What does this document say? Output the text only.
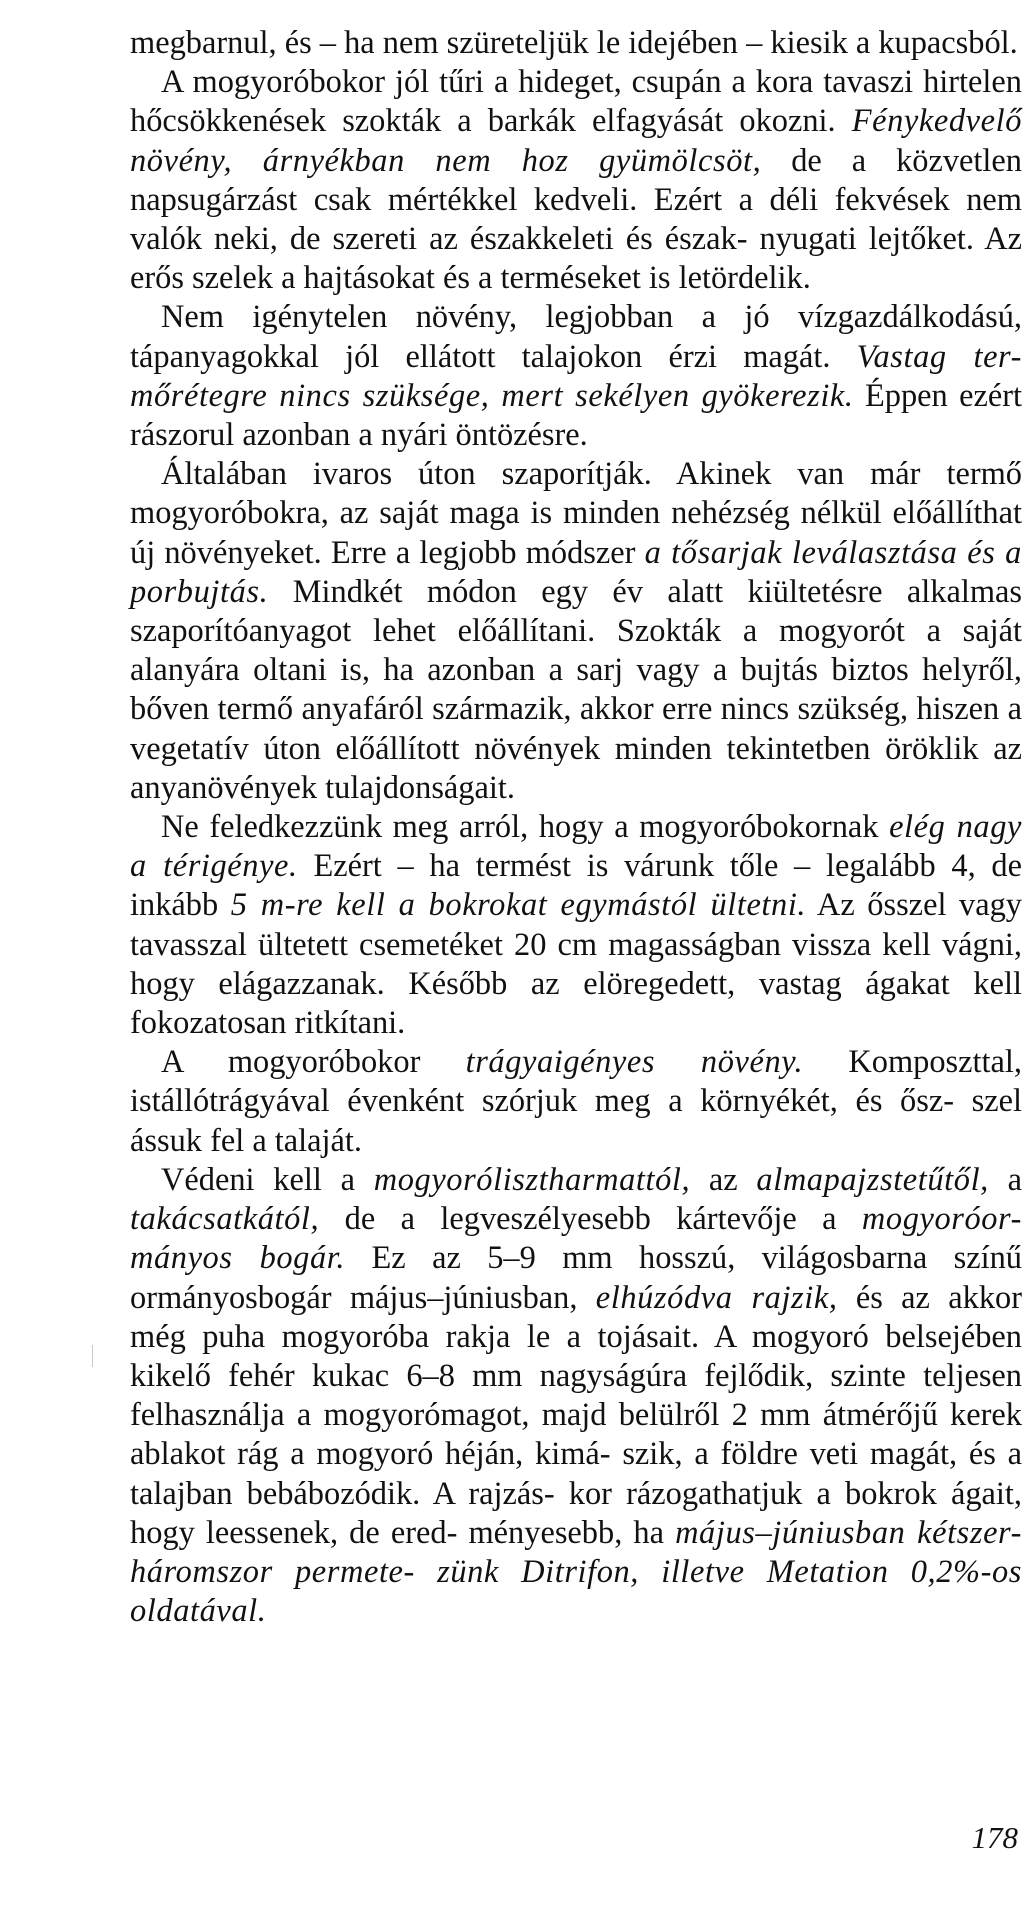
megbarnul, és – ha nem szüreteljük le idejében – kiesik a kupacsból.

A mogyoróbokor jól tűri a hideget, csupán a kora tavaszi hirtelen hőcsökkenések szokták a barkák elfagyását okozni. Fénykedvelő növény, árnyékban nem hoz gyümölcsöt, de a közvetlen napsugárzást csak mértékkel kedveli. Ezért a déli fekvések nem valók neki, de szereti az északkeleti és észak- nyugati lejtőket. Az erős szelek a hajtásokat és a terméseket is letördelik.

Nem igénytelen növény, legjobban a jó vízgazdálkodású, tápanyagokkal jól ellátott talajokon érzi magát. Vastag ter- mőrétegre nincs szüksége, mert sekélyen gyökerezik. Éppen ezért rászorul azonban a nyári öntözésre.

Általában ivaros úton szaporítják. Akinek van már termő mogyoróbokra, az saját maga is minden nehézség nélkül előállíthat új növényeket. Erre a legjobb módszer a tősarjak leválasztása és a porbujtás. Mindkét módon egy év alatt kiültetésre alkalmas szaporítóanyagot lehet előállítani. Szokták a mogyorót a saját alanyára oltani is, ha azonban a sarj vagy a bujtás biztos helyről, bőven termő anyafáról származik, akkor erre nincs szükség, hiszen a vegetatív úton előállított növények minden tekintetben öröklik az anyanövények tulajdonságait.

Ne feledkezzünk meg arról, hogy a mogyoróbokornak elég nagy a térigénye. Ezért – ha termést is várunk tőle – legalább 4, de inkább 5 m-re kell a bokrokat egymástól ültetni. Az ősszel vagy tavasszal ültetett csemetéket 20 cm magasságban vissza kell vágni, hogy elágazzanak. Később az elöregedett, vastag ágakat kell fokozatosan ritkítani.

A mogyoróbokor trágyaigényes növény. Komposzttal, istállótrágyával évenként szórjuk meg a környékét, és ősz- szel ássuk fel a talaját.

Védeni kell a mogyorólisztharmattól, az almapajzstetűtől, a takácsatkától, de a legveszélyesebb kártevője a mogyoróor- mányos bogár. Ez az 5–9 mm hosszú, világosbarna színű ormányosbogár május–júniusban, elhúzódva rajzik, és az akkor még puha mogyoróba rakja le a tojásait. A mogyoró belsejében kikelő fehér kukac 6–8 mm nagyságúra fejlődik, szinte teljesen felhasználja a mogyorómagot, majd belülről 2 mm átmérőjű kerek ablakot rág a mogyoró héján, kimá- szik, a földre veti magát, és a talajban bebábozódik. A rajzás- kor rázogathatjuk a bokrok ágait, hogy leessenek, de ered- ményesebb, ha május–júniusban kétszer-háromszor permete- zünk Ditrifon, illetve Metation 0,2%-os oldatával.

178
